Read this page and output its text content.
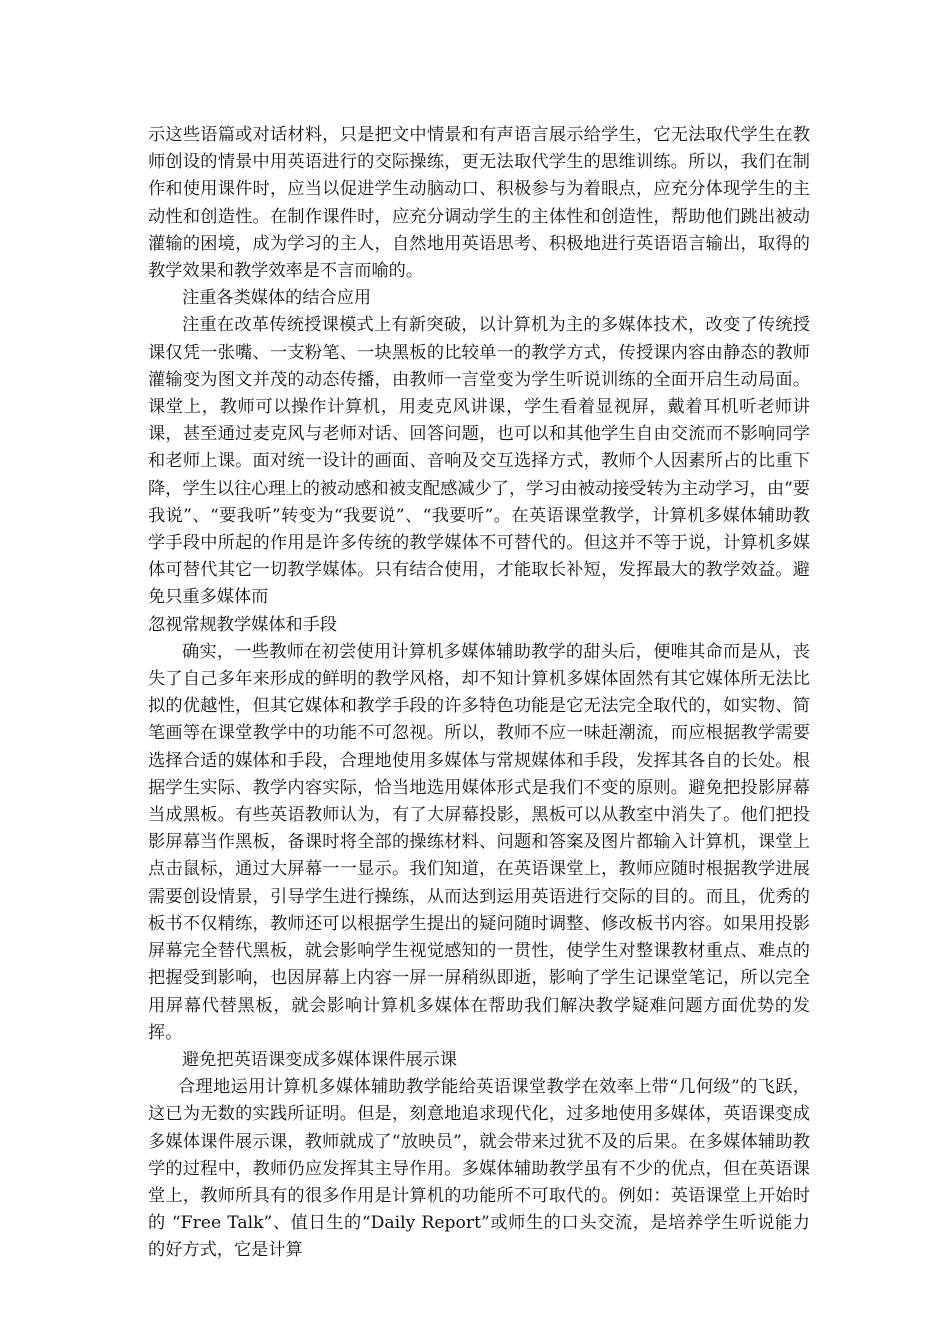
示这些语篇或对话材料，只是把文中情景和有声语言展示给学生，它无法取代学生在教师创设的情景中用英语进行的交际操练，更无法取代学生的思维训练。所以，我们在制作和使用课件时，应当以促进学生动脑动口、积极参与为着眼点，应充分体现学生的主动性和创造性。在制作课件时，应充分调动学生的主体性和创造性，帮助他们跳出被动灌输的困境，成为学习的主人，自然地用英语思考、积极地进行英语语言输出，取得的教学效果和教学效率是不言而喻的。

注重各类媒体的结合应用

注重在改革传统授课模式上有新突破，以计算机为主的多媒体技术，改变了传统授课仅凭一张嘴、一支粉笔、一块黑板的比较单一的教学方式，传授课内容由静态的教师灌输变为图文并茂的动态传播，由教师一言堂变为学生听说训练的全面开启生动局面。课堂上，教师可以操作计算机，用麦克风讲课，学生看着显视屏，戴着耳机听老师讲课，甚至通过麦克风与老师对话、回答问题，也可以和其他学生自由交流而不影响同学和老师上课。面对统一设计的画面、音响及交互选择方式，教师个人因素所占的比重下降，学生以往心理上的被动感和被支配感减少了，学习由被动接受转为主动学习，由“要我说”、“要我听”转变为“我要说”、“我要听”。在英语课堂教学，计算机多媒体辅助教学手段中所起的作用是许多传统的教学媒体不可替代的。但这并不等于说，计算机多媒体可替代其它一切教学媒体。只有结合使用，才能取长补短，发挥最大的教学效益。避免只重多媒体而

忽视常规教学媒体和手段

确实，一些教师在初尝使用计算机多媒体辅助教学的甜头后，便唯其命而是从，丧失了自己多年来形成的鲜明的教学风格，却不知计算机多媒体固然有其它媒体所无法比拟的优越性，但其它媒体和教学手段的许多特色功能是它无法完全取代的，如实物、简笔画等在课堂教学中的功能不可忽视。所以，教师不应一味赶潮流，而应根据教学需要选择合适的媒体和手段，合理地使用多媒体与常规媒体和手段，发挥其各自的长处。根据学生实际、教学内容实际，恰当地选用媒体形式是我们不变的原则。避免把投影屏幕当成黑板。有些英语教师认为，有了大屏幕投影，黑板可以从教室中消失了。他们把投影屏幕当作黑板，备课时将全部的操练材料、问题和答案及图片都输入计算机，课堂上点击鼠标，通过大屏幕一一显示。我们知道，在英语课堂上，教师应随时根据教学进展需要创设情景，引导学生进行操练，从而达到运用英语进行交际的目的。而且，优秀的板书不仅精练，教师还可以根据学生提出的疑问随时调整、修改板书内容。如果用投影屏幕完全替代黑板，就会影响学生视觉感知的一贯性，使学生对整课教材重点、难点的把握受到影响，也因屏幕上内容一屏一屏稍纵即逝，影响了学生记课堂笔记，所以完全用屏幕代替黑板，就会影响计算机多媒体在帮助我们解决教学疑难问题方面优势的发挥。

避免把英语课变成多媒体课件展示课

合理地运用计算机多媒体辅助教学能给英语课堂教学在效率上带“几何级”的飞跃，这已为无数的实践所证明。但是，刻意地追求现代化，过多地使用多媒体，英语课变成多媒体课件展示课，教师就成了“放映员”，就会带来过犹不及的后果。在多媒体辅助教学的过程中，教师仍应发挥其主导作用。多媒体辅助教学虽有不少的优点，但在英语课堂上，教师所具有的很多作用是计算机的功能所不可取代的。例如：英语课堂上开始时的 “Free Talk”、值日生的“Daily Report”或师生的口头交流，是培养学生听说能力的好方式，它是计算
